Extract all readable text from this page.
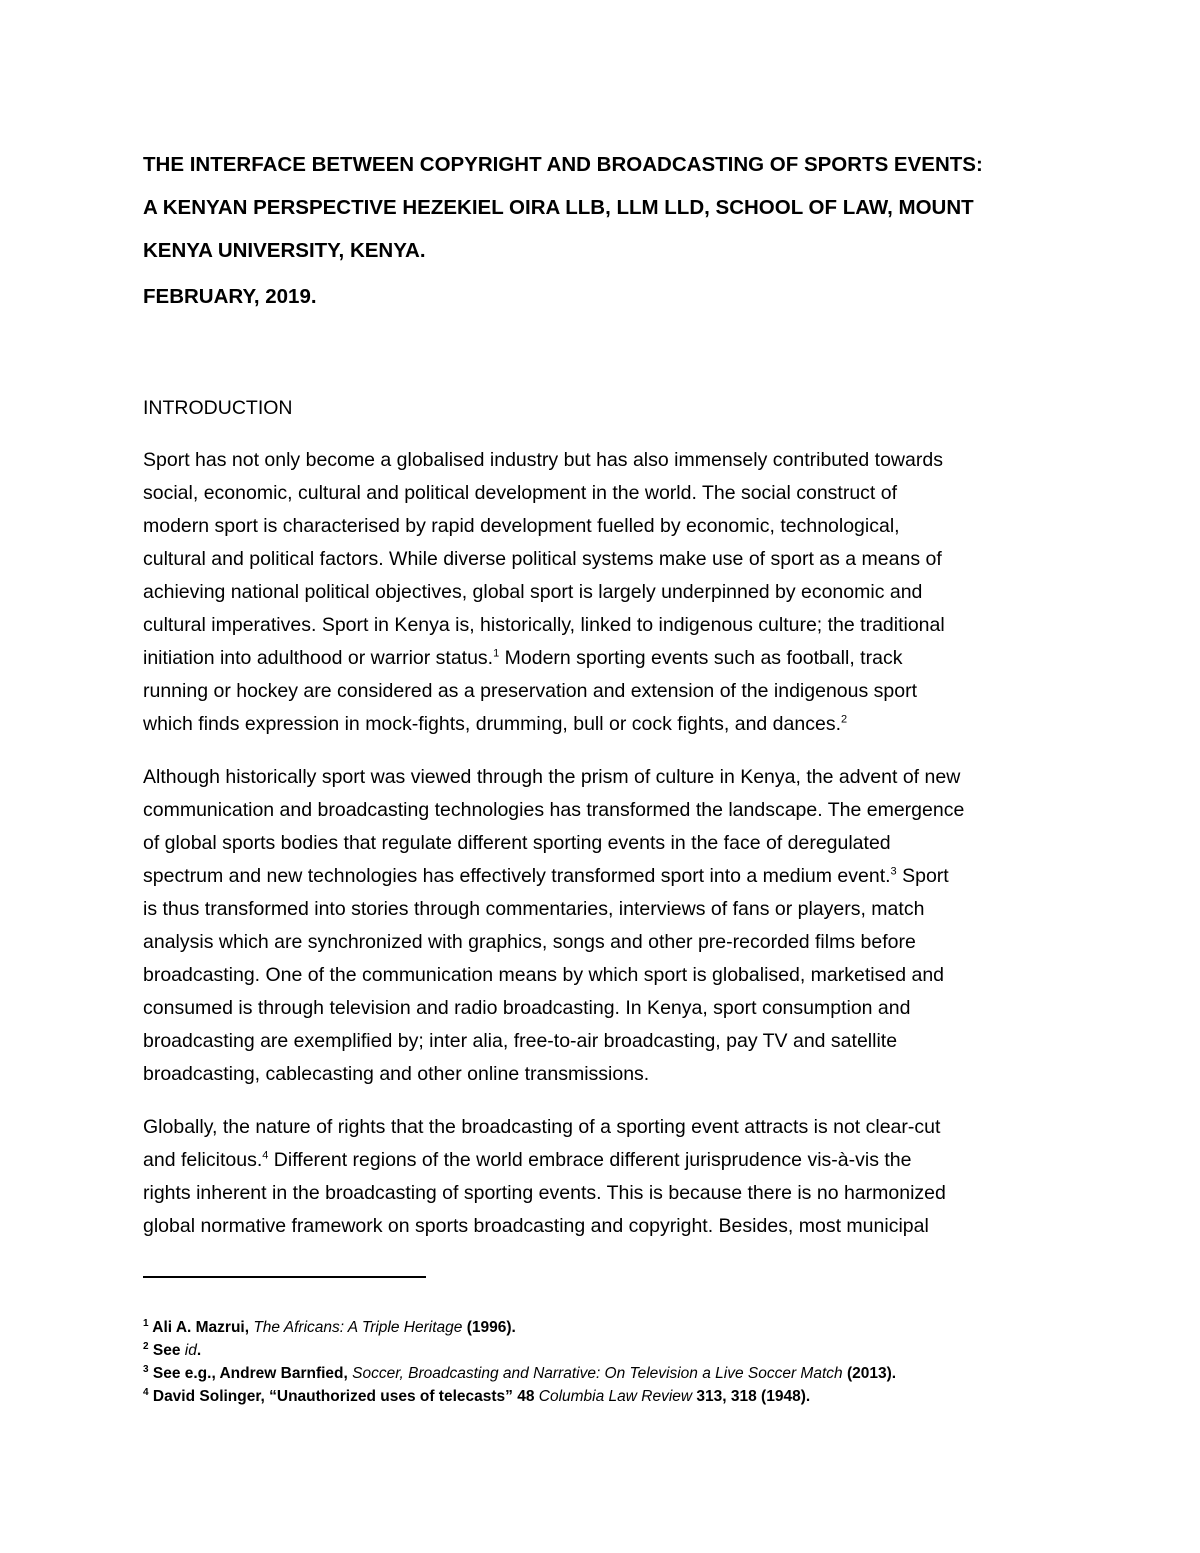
THE INTERFACE BETWEEN COPYRIGHT AND BROADCASTING OF SPORTS EVENTS:
A KENYAN PERSPECTIVE HEZEKIEL OIRA LLB, LLM LLD, SCHOOL OF LAW, MOUNT
KENYA UNIVERSITY, KENYA.
FEBRUARY, 2019.
INTRODUCTION
Sport has not only become a globalised industry but has also immensely contributed towards
social, economic, cultural and political development in the world. The social construct of
modern sport is characterised by rapid development fuelled by economic, technological,
cultural and political factors. While diverse political systems make use of sport as a means of
achieving national political objectives, global sport is largely underpinned by economic and
cultural imperatives. Sport in Kenya is, historically, linked to indigenous culture; the traditional
initiation into adulthood or warrior status.$^1$ Modern sporting events such as football, track
running or hockey are considered as a preservation and extension of the indigenous sport
which finds expression in mock-fights, drumming, bull or cock fights, and dances.$^2$
Although historically sport was viewed through the prism of culture in Kenya, the advent of new
communication and broadcasting technologies has transformed the landscape. The emergence
of global sports bodies that regulate different sporting events in the face of deregulated
spectrum and new technologies has effectively transformed sport into a medium event.$^3$ Sport
is thus transformed into stories through commentaries, interviews of fans or players, match
analysis which are synchronized with graphics, songs and other pre-recorded films before
broadcasting. One of the communication means by which sport is globalised, marketised and
consumed is through television and radio broadcasting. In Kenya, sport consumption and
broadcasting are exemplified by; inter alia, free-to-air broadcasting, pay TV and satellite
broadcasting, cablecasting and other online transmissions.
Globally, the nature of rights that the broadcasting of a sporting event attracts is not clear-cut
and felicitous.$^4$ Different regions of the world embrace different jurisprudence vis-à-vis the
rights inherent in the broadcasting of sporting events. This is because there is no harmonized
global normative framework on sports broadcasting and copyright. Besides, most municipal
$^1$ Ali A. Mazrui, The Africans: A Triple Heritage (1996).
$^2$ See id.
$^3$ See e.g., Andrew Barnfied, Soccer, Broadcasting and Narrative: On Television a Live Soccer Match (2013).
$^4$ David Solinger, “Unauthorized uses of telecasts” 48 Columbia Law Review 313, 318 (1948).
